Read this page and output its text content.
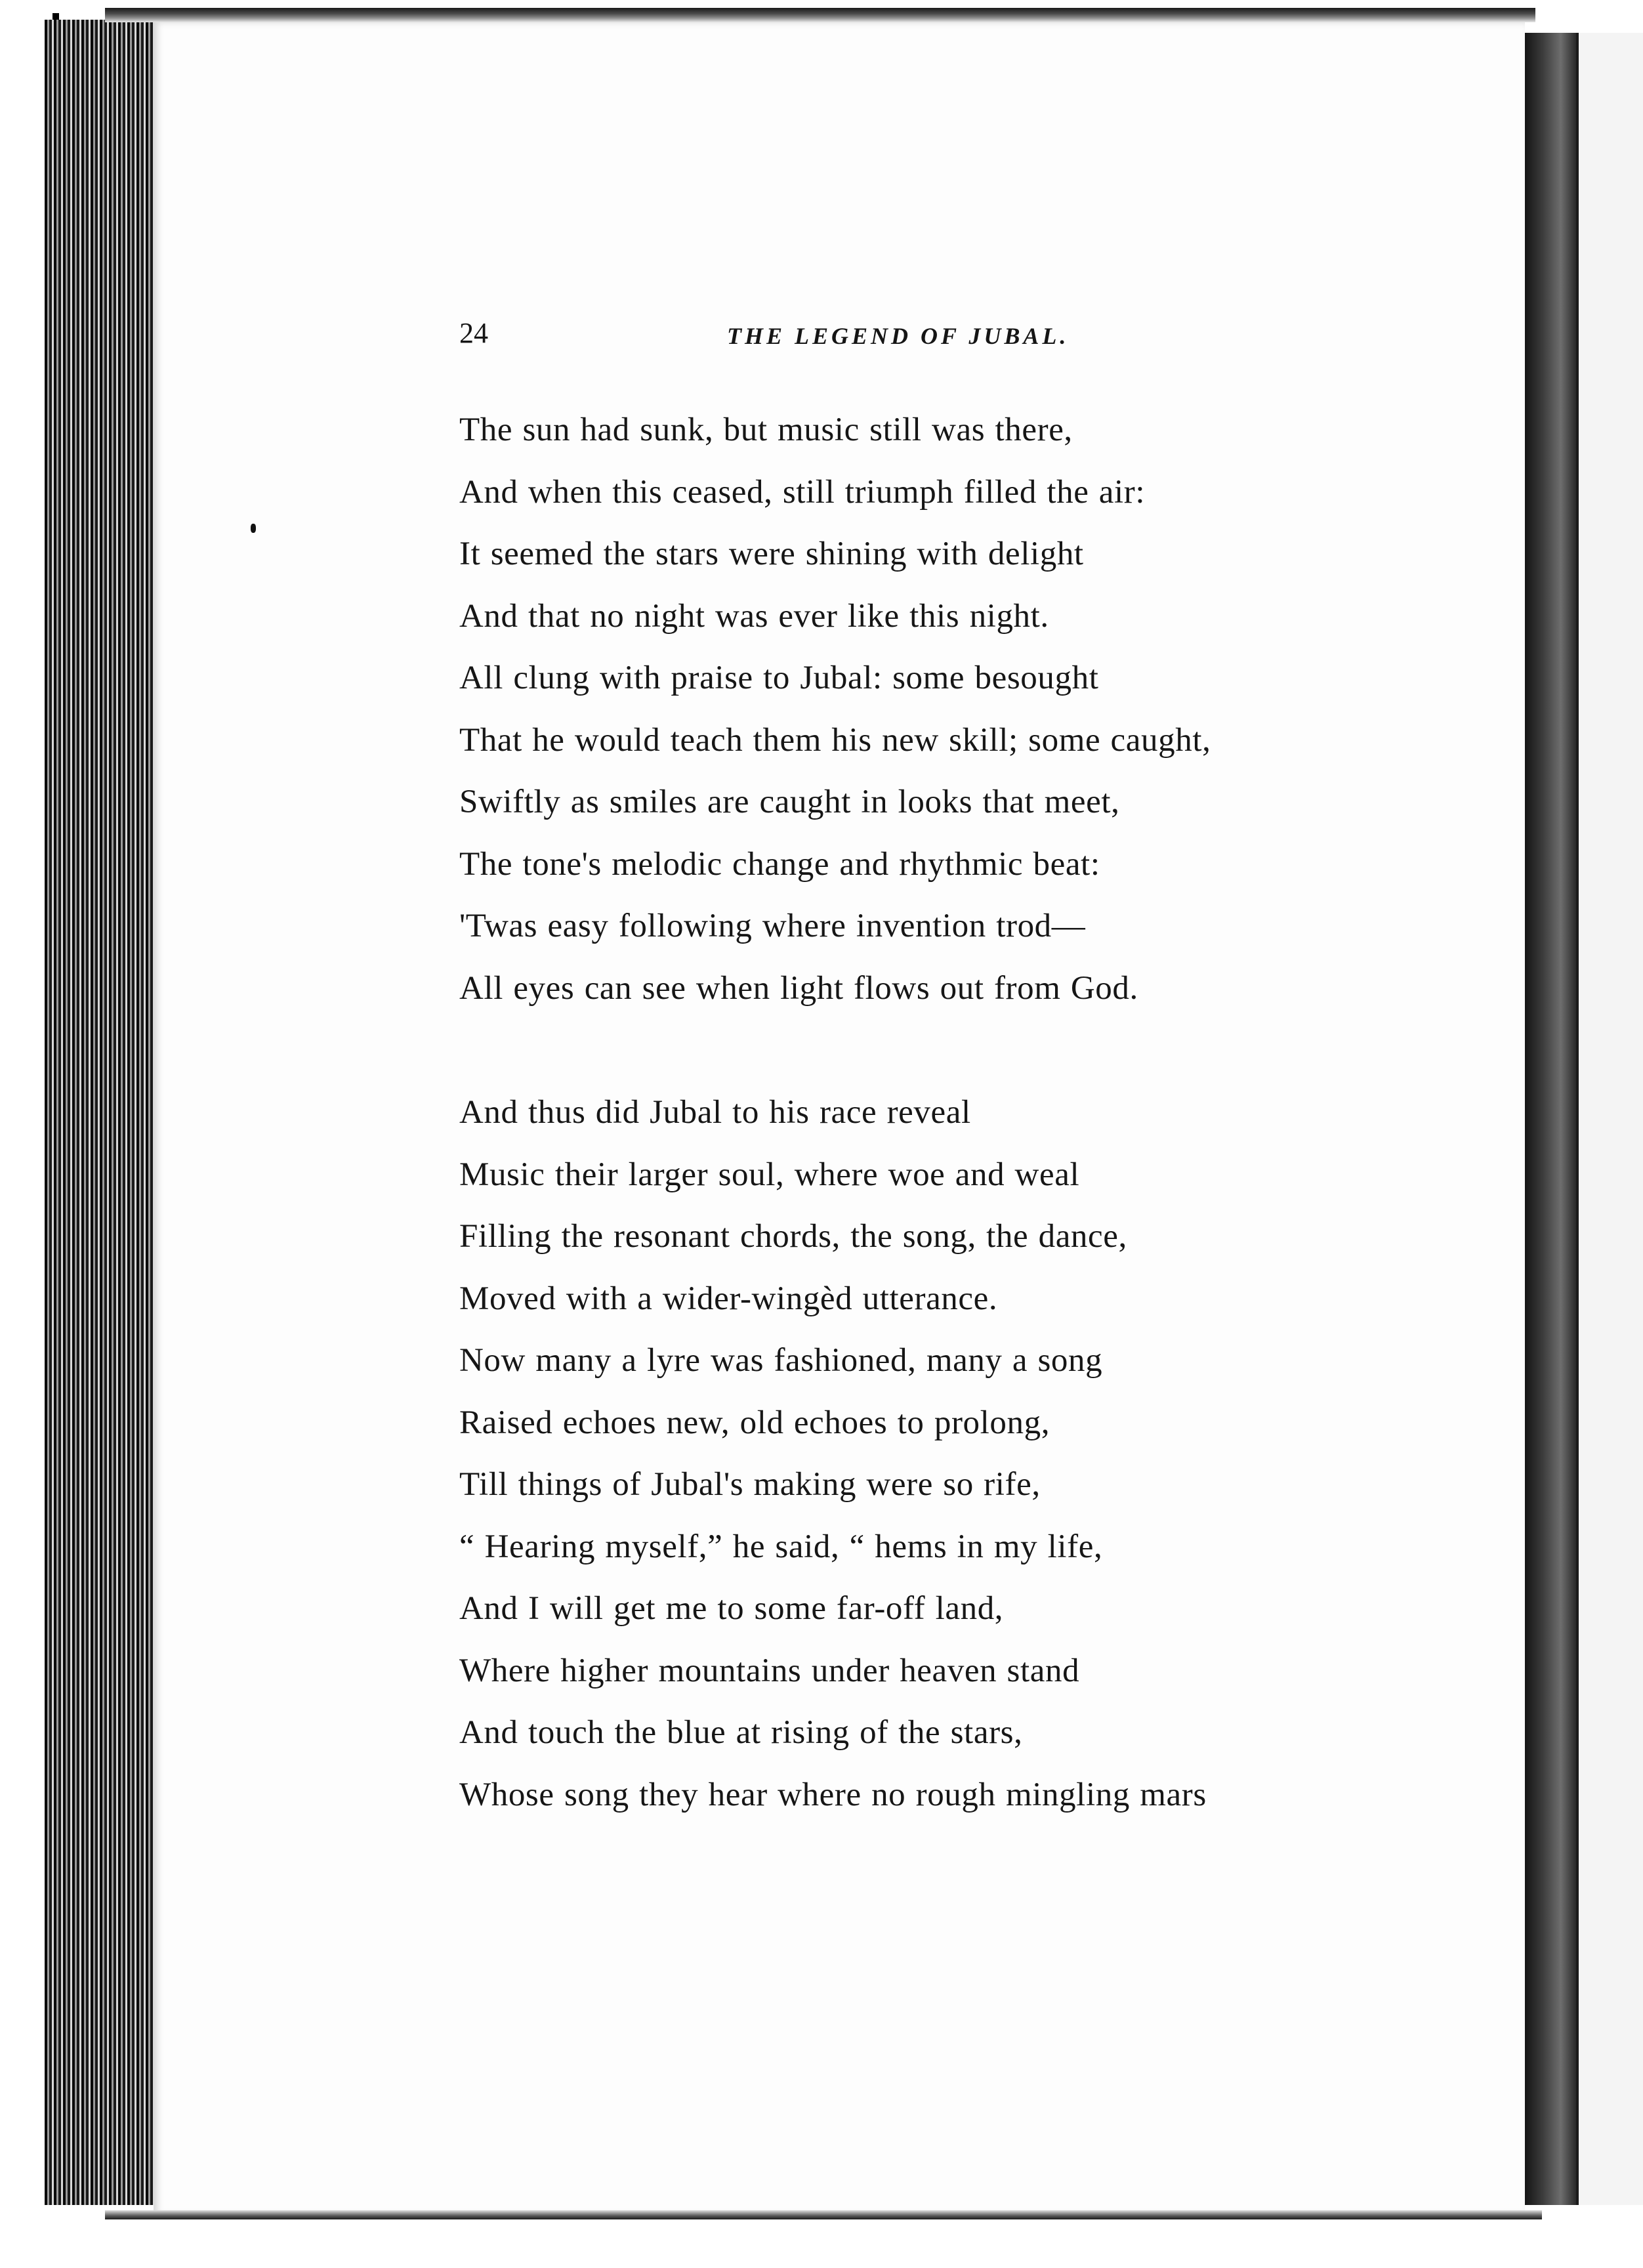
24	THE LEGEND OF JUBAL.
The sun had sunk, but music still was there,
And when this ceased, still triumph filled the air:
It seemed the stars were shining with delight
And that no night was ever like this night.
All clung with praise to Jubal: some besought
That he would teach them his new skill; some caught,
Swiftly as smiles are caught in looks that meet,
The tone's melodic change and rhythmic beat:
'Twas easy following where invention trod—
All eyes can see when light flows out from God.
And thus did Jubal to his race reveal
Music their larger soul, where woe and weal
Filling the resonant chords, the song, the dance,
Moved with a wider-wingèd utterance.
Now many a lyre was fashioned, many a song
Raised echoes new, old echoes to prolong,
Till things of Jubal's making were so rife,
“ Hearing myself,” he said, “ hems in my life,
And I will get me to some far-off land,
Where higher mountains under heaven stand
And touch the blue at rising of the stars,
Whose song they hear where no rough mingling mars
